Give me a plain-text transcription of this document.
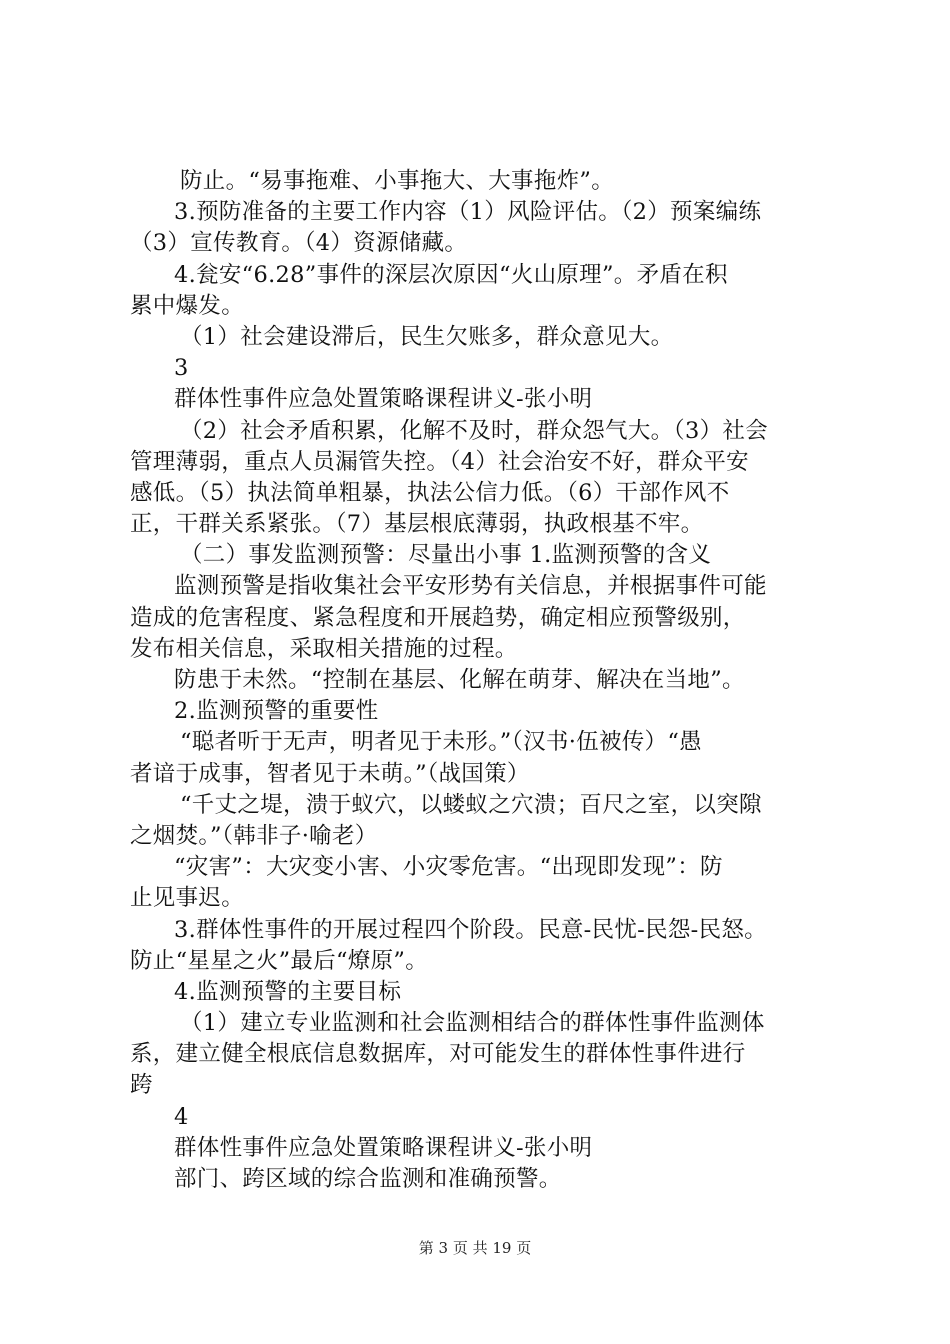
防止。“易事拖难、小事拖大、大事拖炸”。
3.预防准备的主要工作内容（1）风险评估。（2）预案编练
（3）宣传教育。（4）资源储藏。
4.瓮安“6.28”事件的深层次原因“火山原理”。矛盾在积
累中爆发。
（1）社会建设滞后，民生欠账多，群众意见大。
3
群体性事件应急处置策略课程讲义-张小明
（2）社会矛盾积累，化解不及时，群众怨气大。（3）社会
管理薄弱，重点人员漏管失控。（4）社会治安不好，群众平安
感低。（5）执法简单粗暴，执法公信力低。（6）干部作风不
正，干群关系紧张。（7）基层根底薄弱，执政根基不牢。
（二）事发监测预警：尽量出小事 1.监测预警的含义
监测预警是指收集社会平安形势有关信息，并根据事件可能
造成的危害程度、紧急程度和开展趋势，确定相应预警级别，
发布相关信息，采取相关措施的过程。
防患于未然。“控制在基层、化解在萌芽、解决在当地”。
2.监测预警的重要性
“聪者听于无声，明者见于未形。”（汉书·伍被传）“愚
者谙于成事，智者见于未萌。”（战国策）
“千丈之堤，溃于蚁穴，以蝼蚁之穴溃；百尺之室，以突隙
之烟焚。”（韩非子·喻老）
“灾害”：大灾变小害、小灾零危害。“出现即发现”：防
止见事迟。
3.群体性事件的开展过程四个阶段。民意-民忧-民怨-民怒。
防止“星星之火”最后“燎原”。
4.监测预警的主要目标
（1）建立专业监测和社会监测相结合的群体性事件监测体
系，建立健全根底信息数据库，对可能发生的群体性事件进行
跨
4
群体性事件应急处置策略课程讲义-张小明
部门、跨区域的综合监测和准确预警。
第 3 页 共 19 页
